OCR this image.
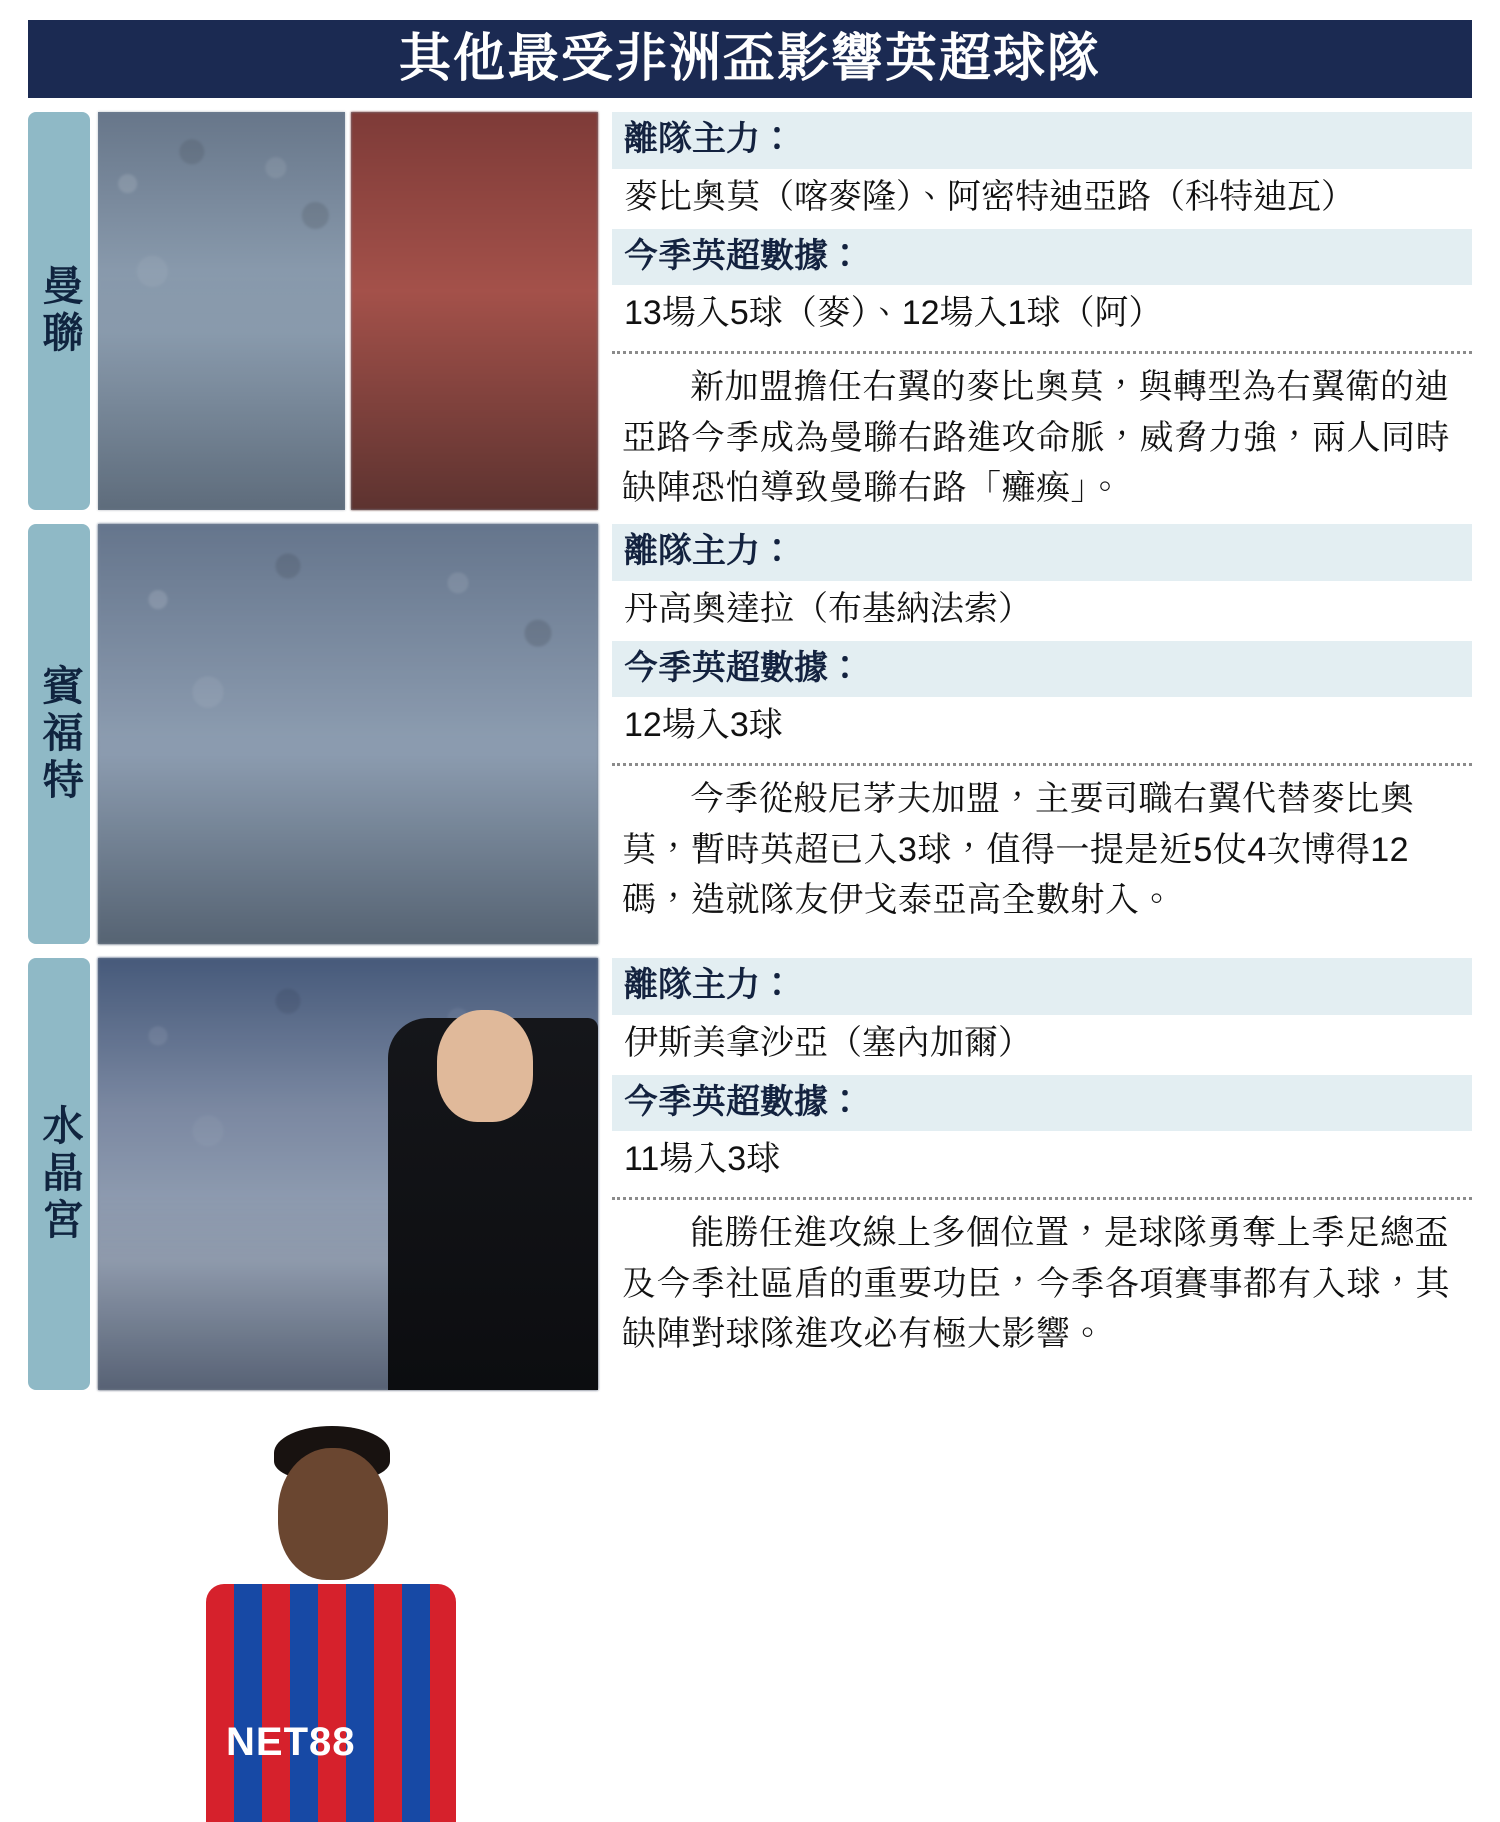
其他最受非洲盃影響英超球隊
曼聯
離隊主力：
麥比奧莫（喀麥隆）、阿密特迪亞路（科特迪瓦）
今季英超數據：
13場入5球（麥）、12場入1球（阿）
新加盟擔任右翼的麥比奧莫，與轉型為右翼衛的迪亞路今季成為曼聯右路進攻命脈，威脅力強，兩人同時缺陣恐怕導致曼聯右路「癱瘓」。
賓福特
離隊主力：
丹高奧達拉（布基納法索）
今季英超數據：
12場入3球
今季從般尼茅夫加盟，主要司職右翼代替麥比奧莫，暫時英超已入3球，值得一提是近5仗4次博得12碼，造就隊友伊戈泰亞高全數射入。
水晶宮
NET88
離隊主力：
伊斯美拿沙亞（塞內加爾）
今季英超數據：
11場入3球
能勝任進攻線上多個位置，是球隊勇奪上季足總盃及今季社區盾的重要功臣，今季各項賽事都有入球，其缺陣對球隊進攻必有極大影響。
